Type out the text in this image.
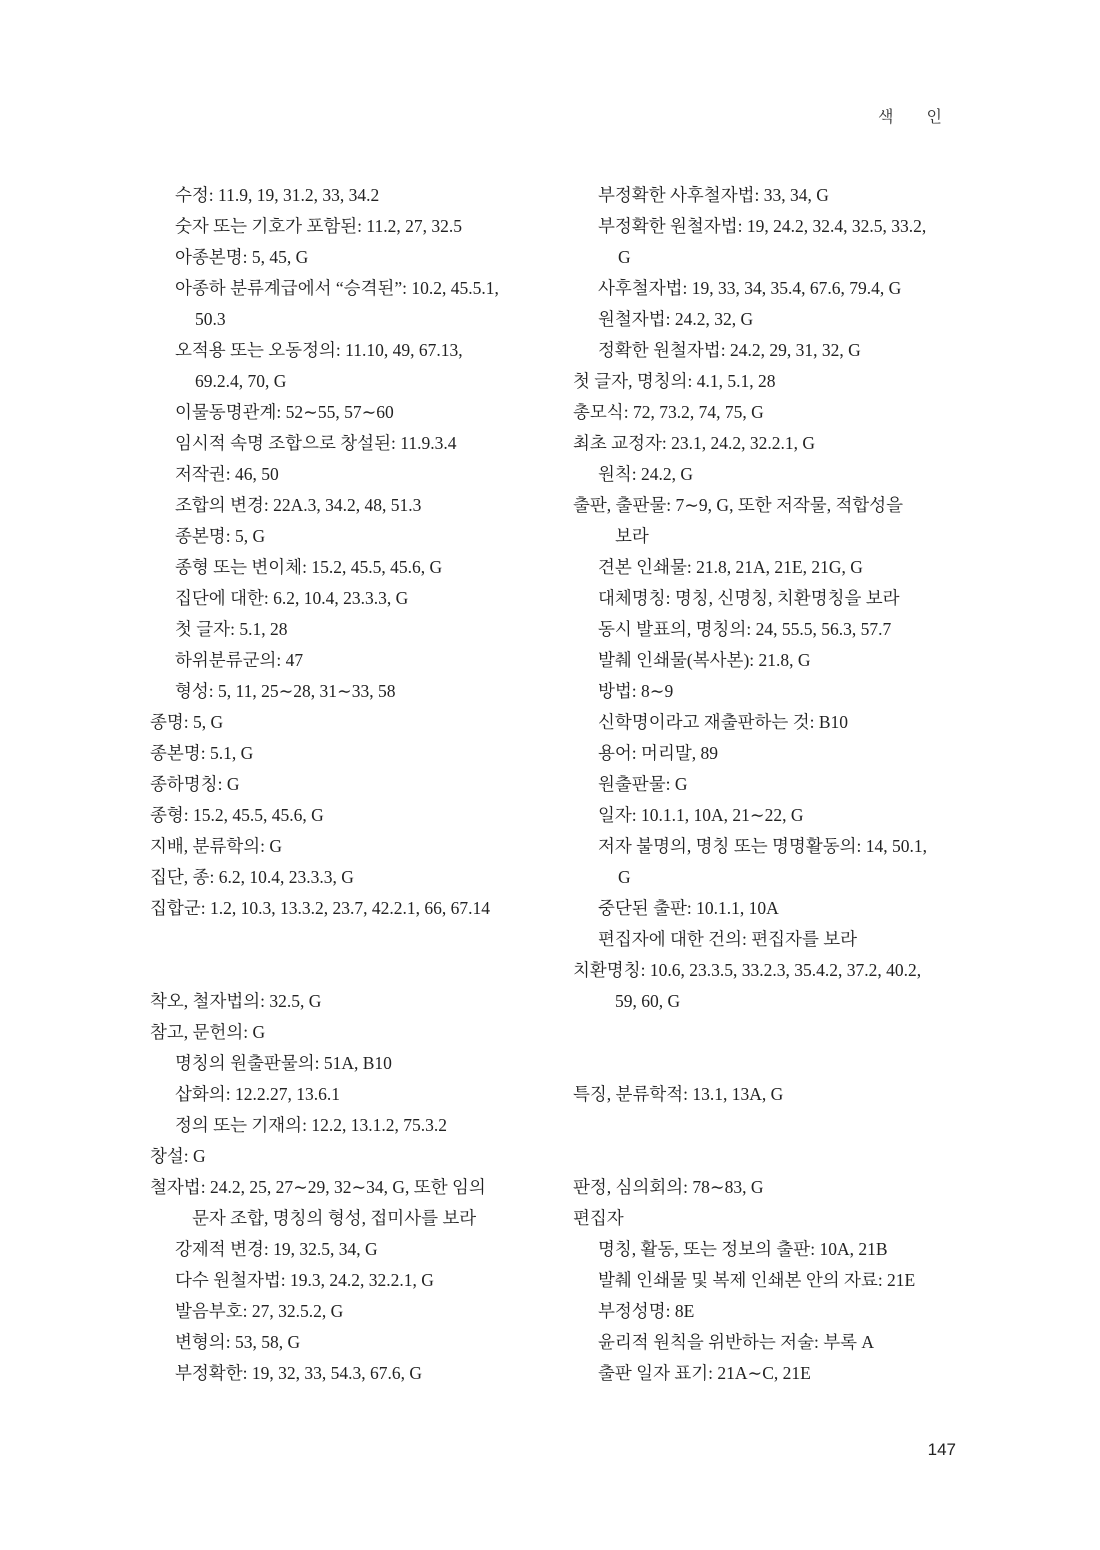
색 인
수정: 11.9, 19, 31.2, 33, 34.2
숫자 또는 기호가 포함된: 11.2, 27, 32.5
아종본명: 5, 45, G
아종하 분류계급에서 “승격된”: 10.2, 45.5.1,
50.3
오적용 또는 오동정의: 11.10, 49, 67.13,
69.2.4, 70, G
이물동명관계: 52∼55, 57∼60
임시적 속명 조합으로 창설된: 11.9.3.4
저작권: 46, 50
조합의 변경: 22A.3, 34.2, 48, 51.3
종본명: 5, G
종형 또는 변이체: 15.2, 45.5, 45.6, G
집단에 대한: 6.2, 10.4, 23.3.3, G
첫 글자: 5.1, 28
하위분류군의: 47
형성: 5, 11, 25∼28, 31∼33, 58
종명: 5, G
종본명: 5.1, G
종하명칭: G
종형: 15.2, 45.5, 45.6, G
지배, 분류학의: G
집단, 종: 6.2, 10.4, 23.3.3, G
집합군: 1.2, 10.3, 13.3.2, 23.7, 42.2.1, 66, 67.14
착오, 철자법의: 32.5, G
참고, 문헌의: G
명칭의 원출판물의: 51A, B10
삽화의: 12.2.27, 13.6.1
정의 또는 기재의: 12.2, 13.1.2, 75.3.2
창설: G
철자법: 24.2, 25, 27∼29, 32∼34, G, 또한 임의
문자 조합, 명칭의 형성, 접미사를 보라
강제적 변경: 19, 32.5, 34, G
다수 원철자법: 19.3, 24.2, 32.2.1, G
발음부호: 27, 32.5.2, G
변형의: 53, 58, G
부정확한: 19, 32, 33, 54.3, 67.6, G
부정확한 사후철자법: 33, 34, G
부정확한 원철자법: 19, 24.2, 32.4, 32.5, 33.2,
G
사후철자법: 19, 33, 34, 35.4, 67.6, 79.4, G
원철자법: 24.2, 32, G
정확한 원철자법: 24.2, 29, 31, 32, G
첫 글자, 명칭의: 4.1, 5.1, 28
총모식: 72, 73.2, 74, 75, G
최초 교정자: 23.1, 24.2, 32.2.1, G
원칙: 24.2, G
출판, 출판물: 7∼9, G, 또한 저작물, 적합성을
보라
견본 인쇄물: 21.8, 21A, 21E, 21G, G
대체명칭: 명칭, 신명칭, 치환명칭을 보라
동시 발표의, 명칭의: 24, 55.5, 56.3, 57.7
발췌 인쇄물(복사본): 21.8, G
방법: 8∼9
신학명이라고 재출판하는 것: B10
용어: 머리말, 89
원출판물: G
일자: 10.1.1, 10A, 21∼22, G
저자 불명의, 명칭 또는 명명활동의: 14, 50.1,
G
중단된 출판: 10.1.1, 10A
편집자에 대한 건의: 편집자를 보라
치환명칭: 10.6, 23.3.5, 33.2.3, 35.4.2, 37.2, 40.2,
59, 60, G
특징, 분류학적: 13.1, 13A, G
판정, 심의회의: 78∼83, G
편집자
명칭, 활동, 또는 정보의 출판: 10A, 21B
발췌 인쇄물 및 복제 인쇄본 안의 자료: 21E
부정성명: 8E
윤리적 원칙을 위반하는 저술: 부록 A
출판 일자 표기: 21A∼C, 21E
147
